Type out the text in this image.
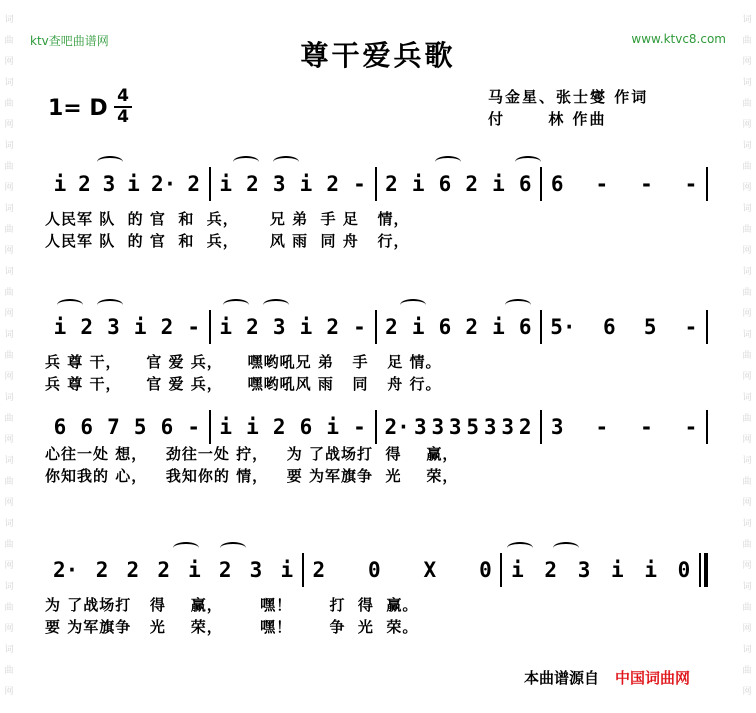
词
曲
网
词
曲
网
词
曲
网
词
曲
网
词
曲
网
词
曲
网
词
曲
网
词
曲
网
词
曲
网
词
曲
网
词
曲
网
词
曲
网
词
曲
网
词
曲
网
词
曲
网
词
曲
网
词
曲
网
词
曲
网
词
曲
网
词
曲
网
词
曲
网
词
曲
网
ktv查吧曲谱网	www.ktvc8.com
尊干爱兵歌
1= D 4
4
马金星、张士燮 作词
付      林 作曲
i 2 3 i 2· 2 i 2 3 i 2 - 2 i 6 2 i 6 6 - - -
人民军 队  的 官  和  兵，     兄 弟  手 足   情，
人民军 队  的 官  和  兵，     风 雨  同 舟   行，
i 2 3 i 2 - i 2 3 i 2 - 2 i 6 2 i 6 5· 6 5 -
兵 尊 干，    官 爱 兵，    嘿哟吼兄 弟   手   足 情。
兵 尊 干，    官 爱 兵，    嘿哟吼风 雨   同   舟 行。
6 6 7 5 6 - i i 2 6 i - 2· 3 3 3 5 3 3 2 3 - - -
心往一处 想，   劲往一处 拧，   为 了战场打  得    赢，
你知我的 心，   我知你的 情，   要 为军旗争  光    荣，
2· 2 2 2 i 2 3 i 2 0 X 0 i 2 3 i i 0
为 了战场打   得    赢，      嘿！      打  得  赢。
要 为军旗争   光    荣，      嘿！      争  光  荣。
本曲谱源自 中国词曲网
